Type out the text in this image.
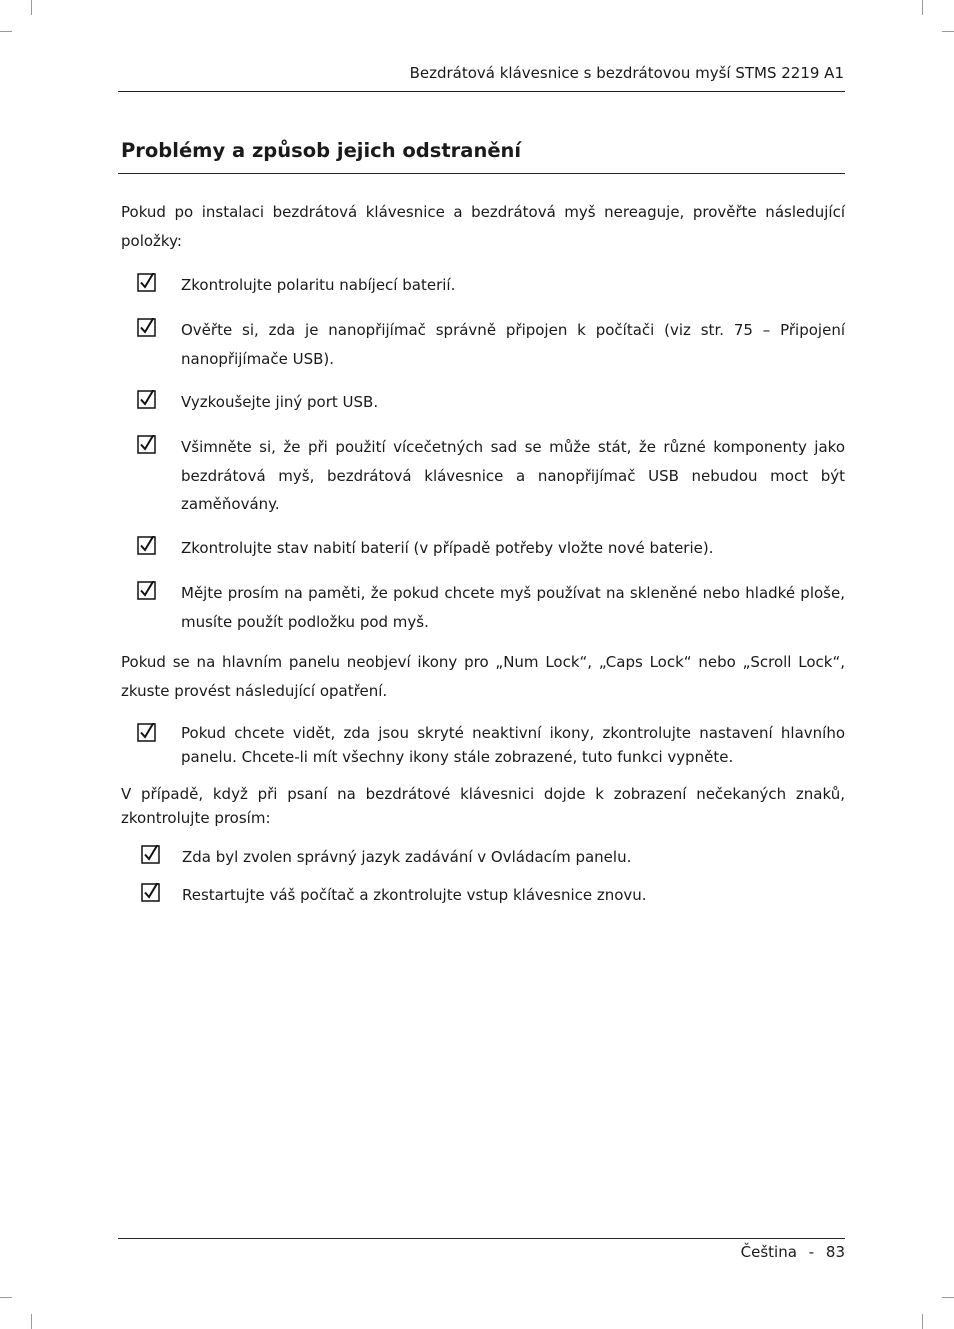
Bezdrátová klávesnice s bezdrátovou myší STMS 2219 A1
Problémy a způsob jejich odstranění

Pokud po instalaci bezdrátová klávesnice a bezdrátová myš nereaguje, prověřte následující položky:

Zkontrolujte polaritu nabíjecí baterií.

Ověřte si, zda je nanopřijímač správně připojen k počítači (viz str. 75 – Připojení nanopřijímače USB).

Vyzkoušejte jiný port USB.

Všimněte si, že při použití vícečetných sad se může stát, že různé komponenty jako bezdrátová myš, bezdrátová klávesnice a nanopřijímač USB nebudou moct být zaměňovány.

Zkontrolujte stav nabití baterií (v případě potřeby vložte nové baterie).

Mějte prosím na paměti, že pokud chcete myš používat na skleněné nebo hladké ploše, musíte použít podložku pod myš.

Pokud se na hlavním panelu neobjeví ikony pro „Num Lock“, „Caps Lock“ nebo „Scroll Lock“, zkuste provést následující opatření.

Pokud chcete vidět, zda jsou skryté neaktivní ikony, zkontrolujte nastavení hlavního panelu. Chcete-li mít všechny ikony stále zobrazené, tuto funkci vypněte.

V případě, když při psaní na bezdrátové klávesnici dojde k zobrazení nečekaných znaků, zkontrolujte prosím:

Zda byl zvolen správný jazyk zadávání v Ovládacím panelu.

Restartujte váš počítač a zkontrolujte vstup klávesnice znovu.

Čeština - 83
